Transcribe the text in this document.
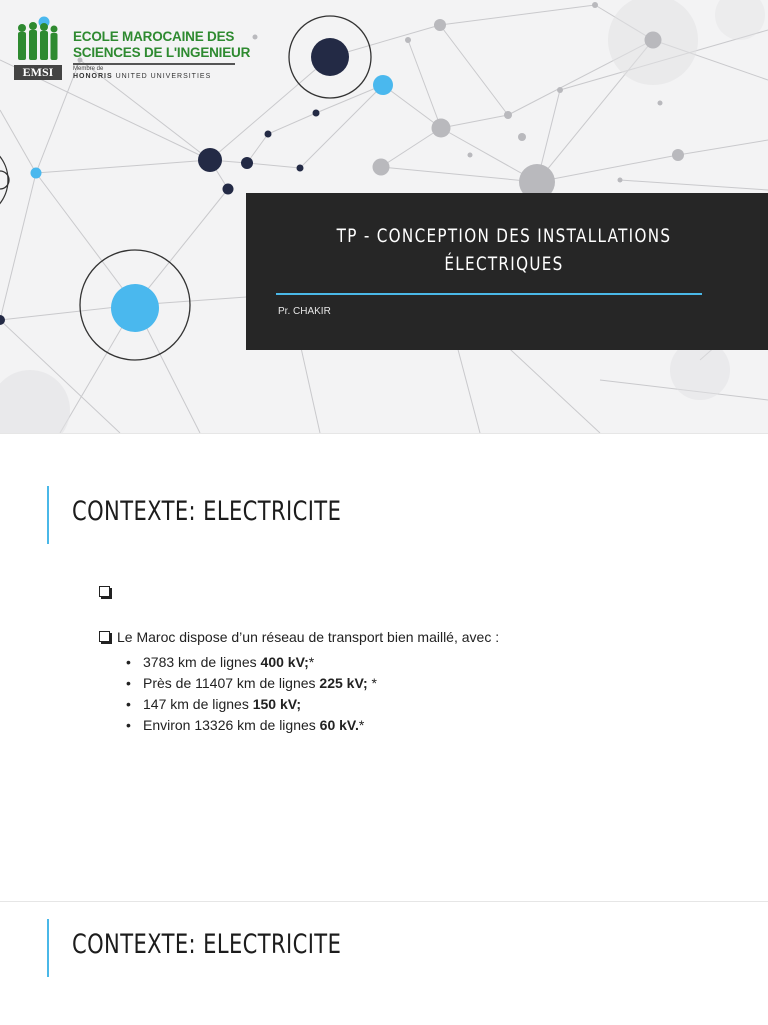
EMSI
ECOLE MAROCAINE DES
SCIENCES DE L'INGENIEUR
Membre de
HONORIS UNITED UNIVERSITIES
TP - CONCEPTION DES INSTALLATIONS ÉLECTRIQUES
Pr. CHAKIR
CONTEXTE: ELECTRICITE
Le Maroc dispose d’un réseau de transport bien maillé, avec :
• 3783 km de lignes 400 kV;*
• Près de 11407 km de lignes 225 kV; *
• 147 km de lignes 150 kV;
• Environ 13326 km de lignes 60 kV.*
CONTEXTE: ELECTRICITE
